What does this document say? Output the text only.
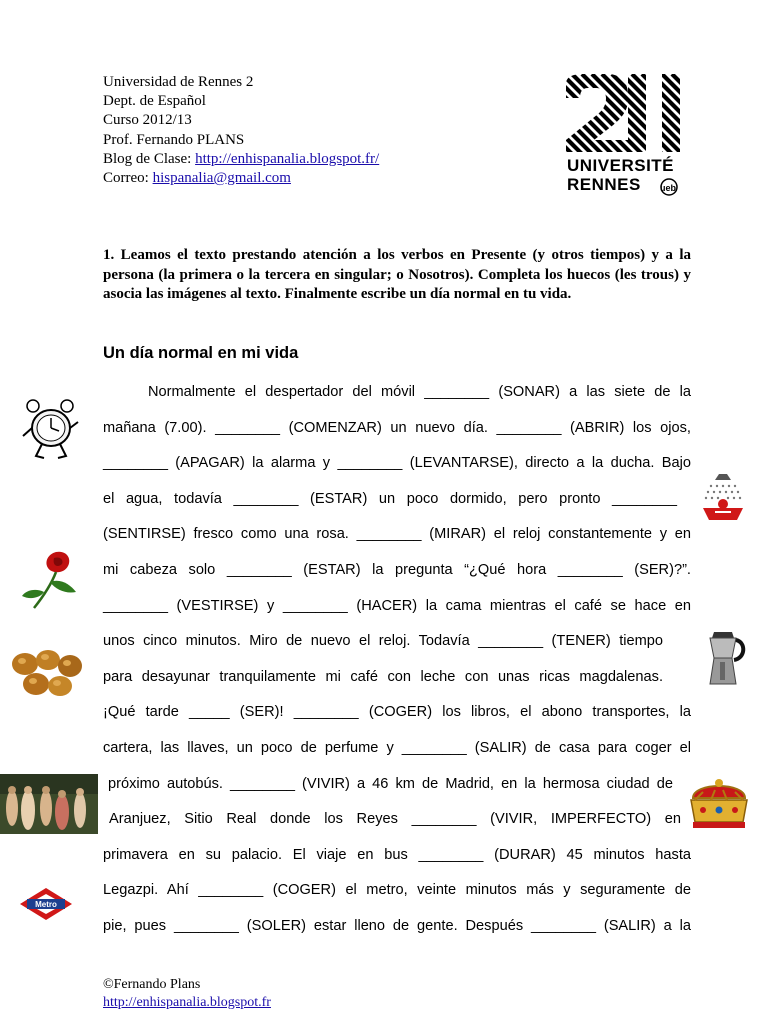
Universidad de Rennes 2
Dept. de Español
Curso 2012/13
Prof. Fernando PLANS
Blog de Clase: http://enhispanalia.blogspot.fr/
Correo: hispanalia@gmail.com
UNIVERSITÉ
RENNES	ueb
1. Leamos el texto prestando atención a los verbos en Presente (y otros tiempos) y a la persona (la primera o la tercera en singular; o Nosotros). Completa los huecos (les trous) y asocia las imágenes al texto. Finalmente escribe un día normal en tu vida.
Un día normal en mi vida
Normalmente el despertador del móvil ________ (SONAR) a las siete de la
mañana (7.00). ________ (COMENZAR) un nuevo día. ________ (ABRIR) los ojos,
________ (APAGAR) la alarma y ________ (LEVANTARSE), directo a la ducha. Bajo
el agua, todavía ________ (ESTAR) un poco dormido, pero pronto ________
(SENTIRSE) fresco como una rosa. ________ (MIRAR) el reloj constantemente y en
mi cabeza solo ________ (ESTAR) la pregunta “¿Qué hora ________ (SER)?”.
________ (VESTIRSE) y ________ (HACER) la cama mientras el café se hace en
unos cinco minutos. Miro de nuevo el reloj. Todavía ________ (TENER) tiempo
para desayunar tranquilamente mi café con leche con unas ricas magdalenas.
¡Qué tarde _____ (SER)! ________ (COGER) los libros, el abono transportes, la
cartera, las llaves, un poco de perfume y ________ (SALIR) de casa para coger el
próximo autobús. ________ (VIVIR) a 46 km de Madrid, en la hermosa ciudad de
Aranjuez, Sitio Real donde los Reyes ________ (VIVIR, IMPERFECTO) en
primavera en su palacio. El viaje en bus ________ (DURAR) 45 minutos hasta
Legazpi. Ahí ________ (COGER) el metro, veinte minutos más y seguramente de
pie, pues ________ (SOLER) estar lleno de gente. Después ________ (SALIR) a la
Metro
©Fernando Plans
http://enhispanalia.blogspot.fr
